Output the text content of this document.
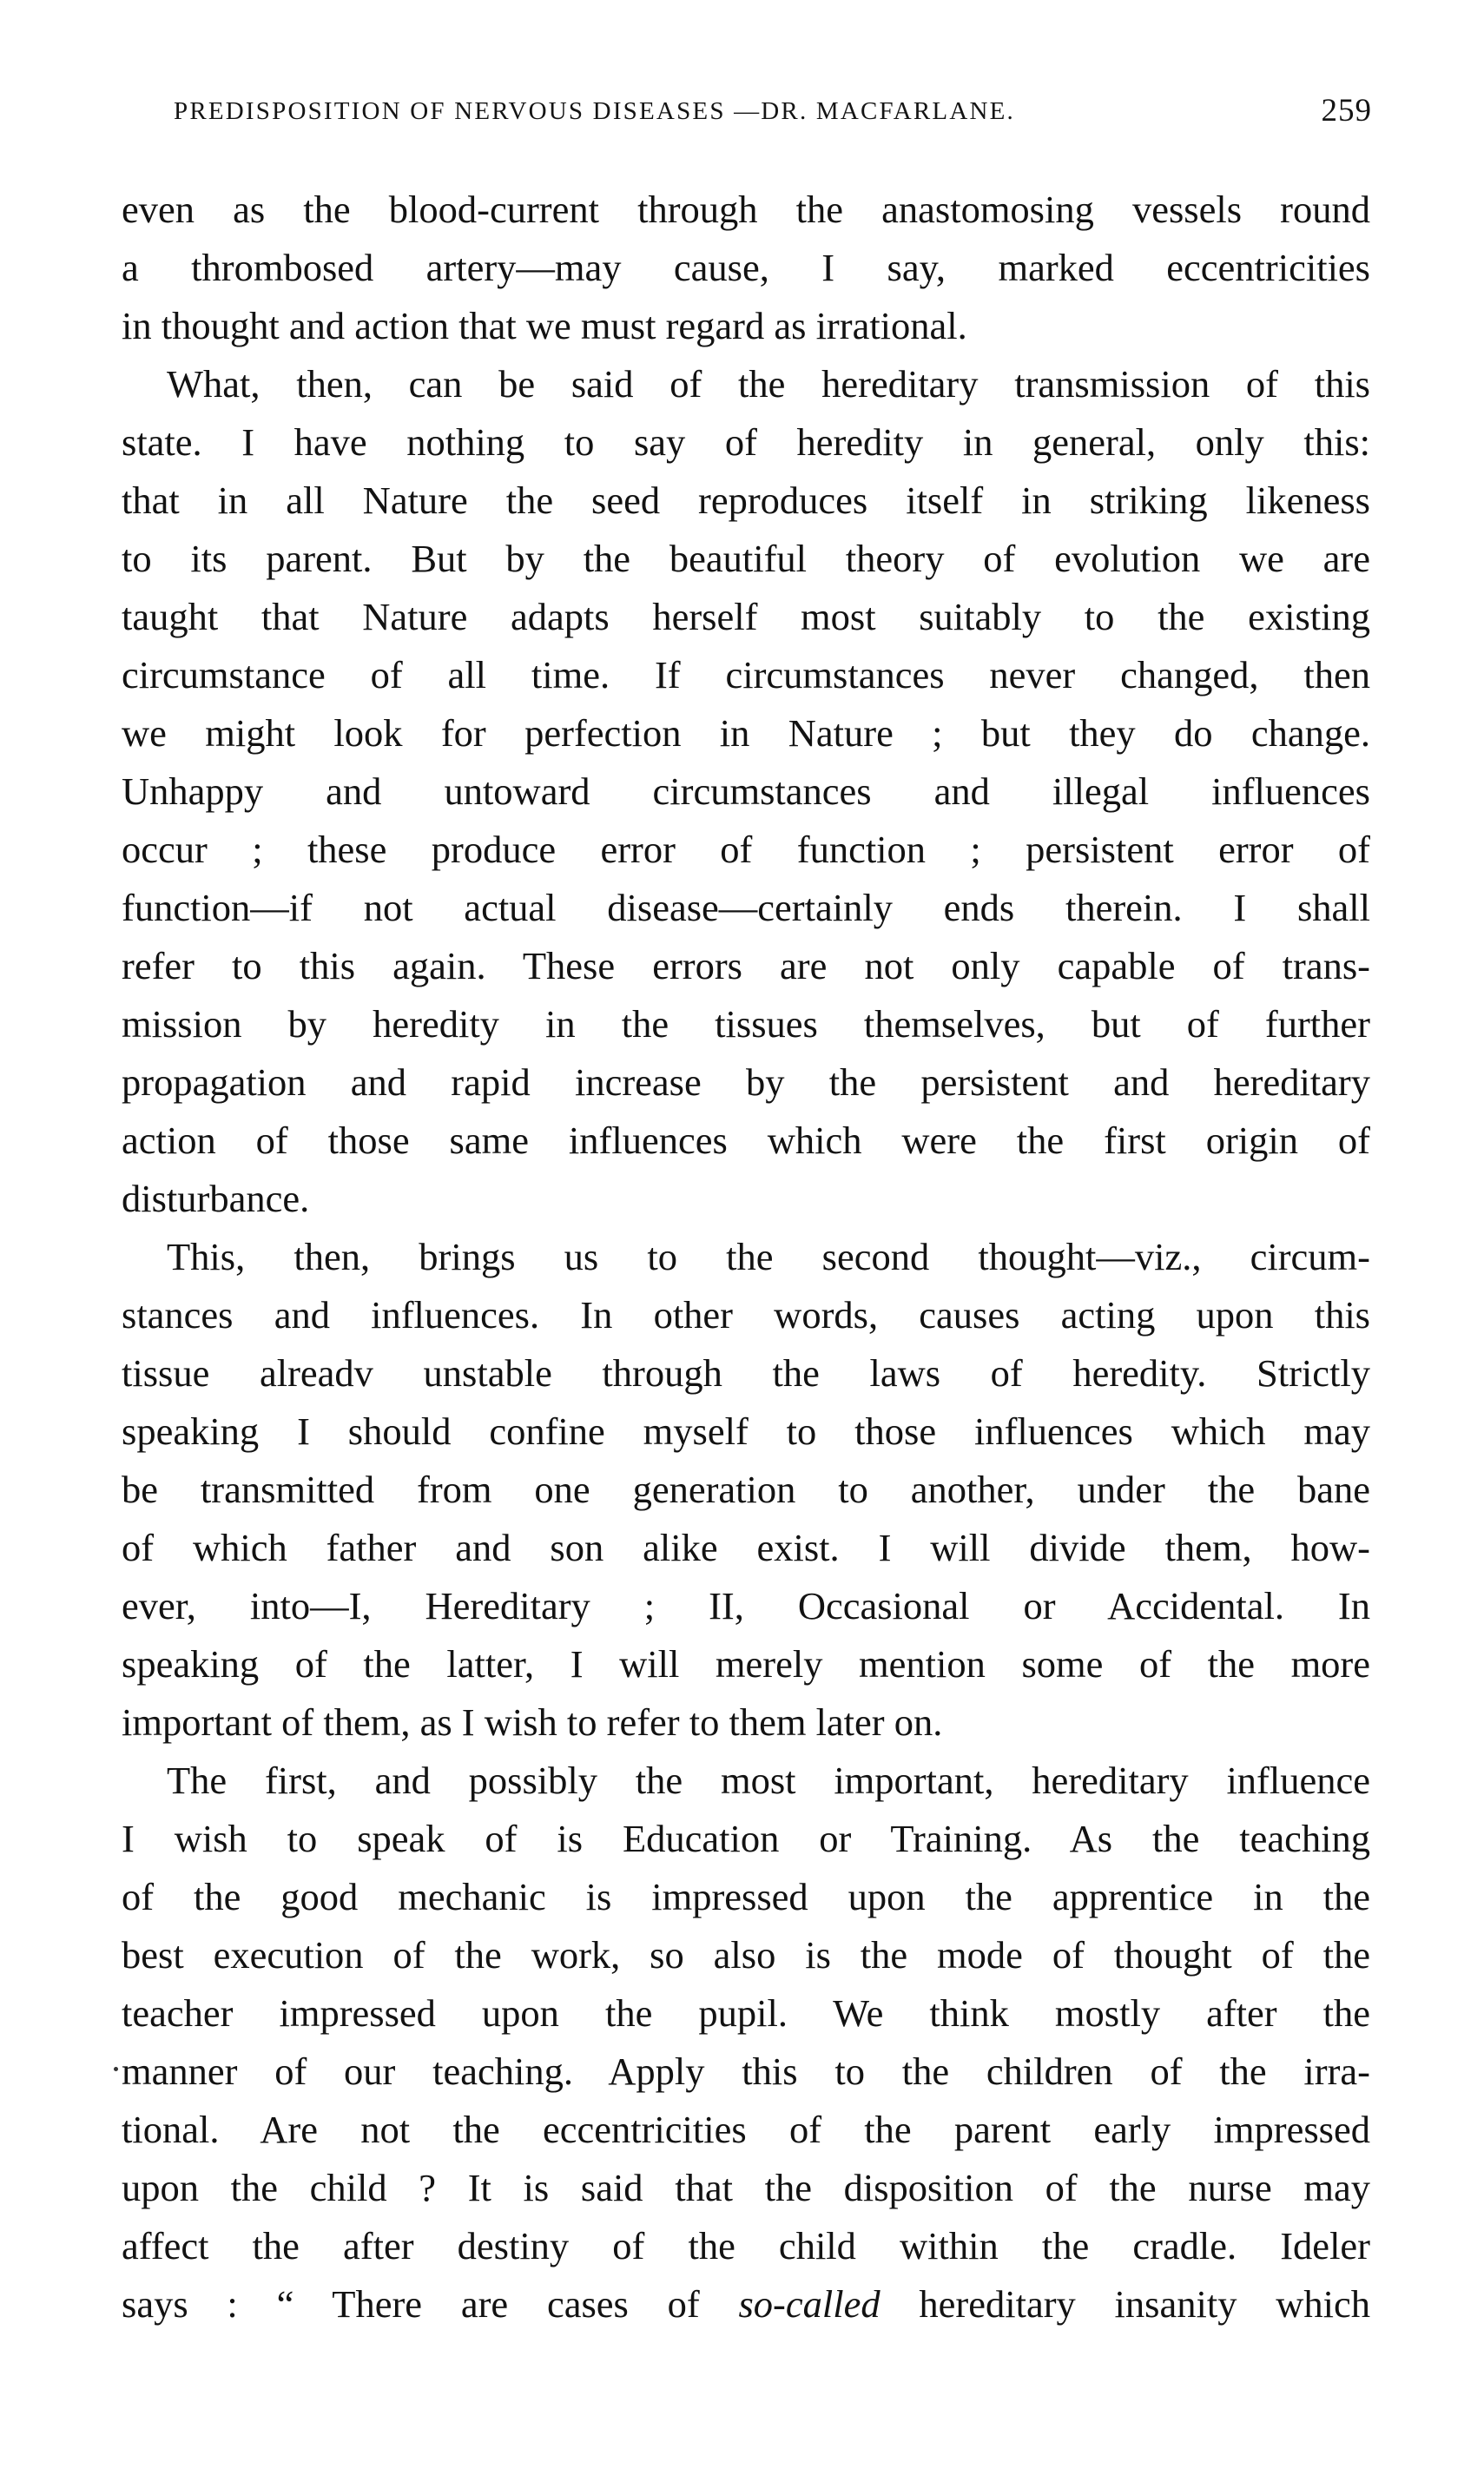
PREDISPOSITION OF NERVOUS DISEASES —DR. MACFARLANE.	259
even as the blood-current through the anastomosing vessels round
a thrombosed artery—may cause, I say, marked eccentricities
in thought and action that we must regard as irrational.
What, then, can be said of the hereditary transmission of this
state. I have nothing to say of heredity in general, only this:
that in all Nature the seed reproduces itself in striking likeness
to its parent. But by the beautiful theory of evolution we are
taught that Nature adapts herself most suitably to the existing
circumstance of all time. If circumstances never changed, then
we might look for perfection in Nature ; but they do change.
Unhappy and untoward circumstances and illegal influences
occur ; these produce error of function ; persistent error of
function—if not actual disease—certainly ends therein. I shall
refer to this again. These errors are not only capable of trans-
mission by heredity in the tissues themselves, but of further
propagation and rapid increase by the persistent and hereditary
action of those same influences which were the first origin of
disturbance.
This, then, brings us to the second thought—viz., circum-
stances and influences. In other words, causes acting upon this
tissue alreadv unstable through the laws of heredity. Strictly
speaking I should confine myself to those influences which may
be transmitted from one generation to another, under the bane
of which father and son alike exist. I will divide them, how-
ever, into—I, Hereditary ; II, Occasional or Accidental. In
speaking of the latter, I will merely mention some of the more
important of them, as I wish to refer to them later on.
The first, and possibly the most important, hereditary influence
I wish to speak of is Education or Training. As the teaching
of the good mechanic is impressed upon the apprentice in the
best execution of the work, so also is the mode of thought of the
teacher impressed upon the pupil. We think mostly after the
manner of our teaching. Apply this to the children of the irra-
tional. Are not the eccentricities of the parent early impressed
upon the child ? It is said that the disposition of the nurse may
affect the after destiny of the child within the cradle. Ideler
says : “ There are cases of so-called hereditary insanity which
